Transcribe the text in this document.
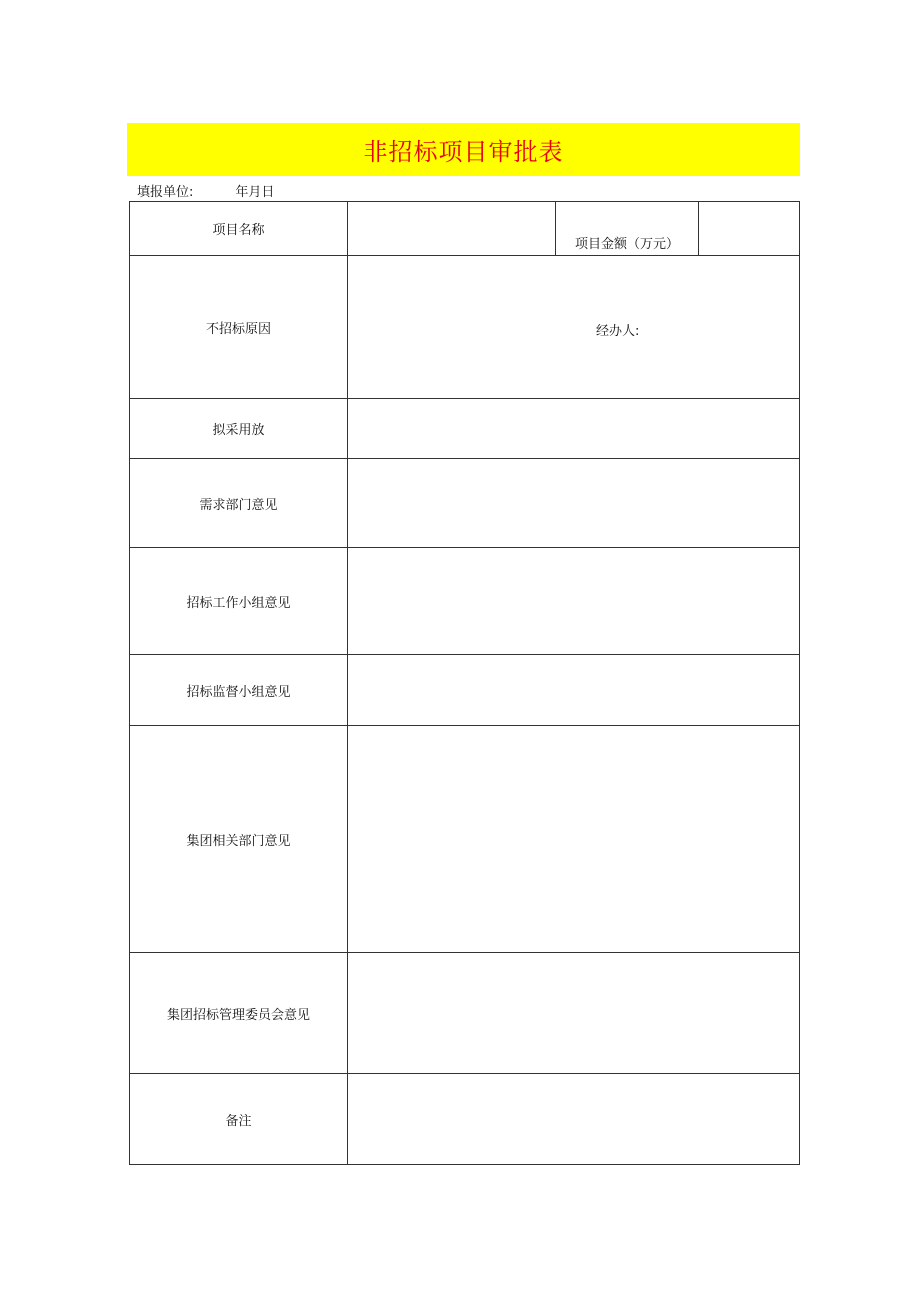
非招标项目审批表
填报单位:	年月日
项目名称		项目金额（万元）	
不招标原因	经办人:		

拟采用放			
需求部门意见			
招标工作小组意见			
招标监督小组意见			
集团相关部门意见			
集团招标管理委员会意见			
备注			
